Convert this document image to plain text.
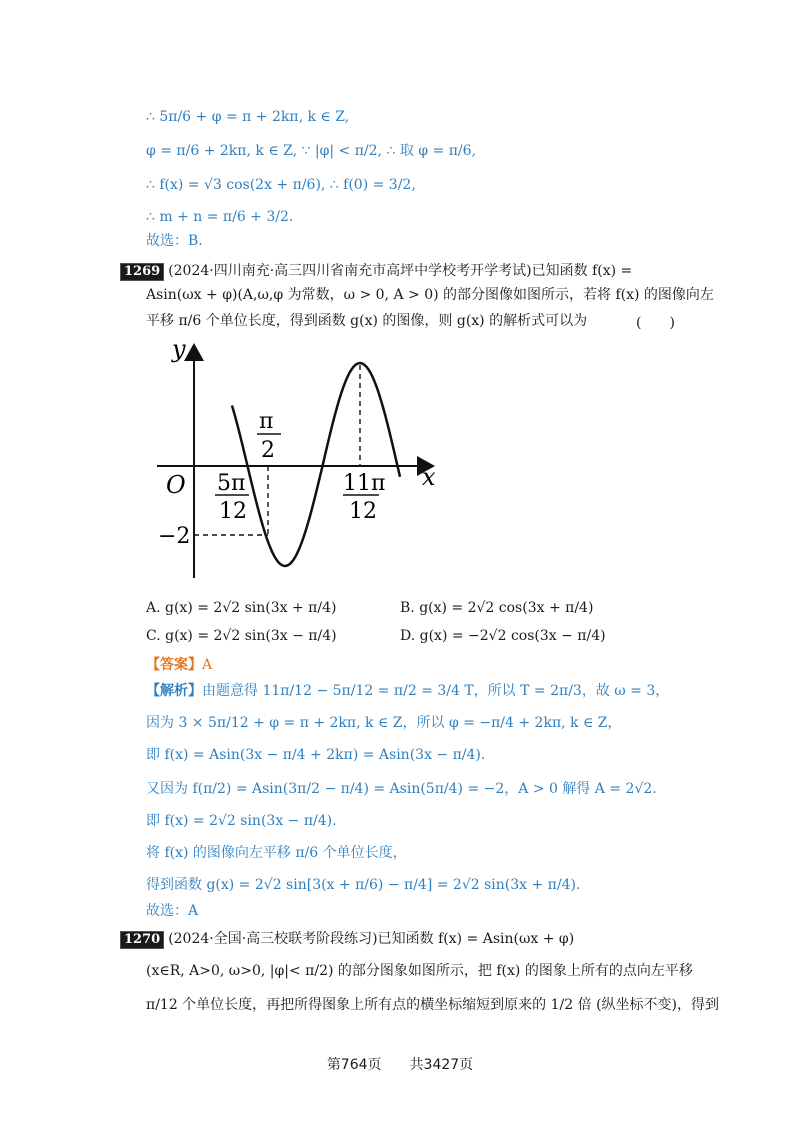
∴ 5π/6 + φ = π + 2kπ, k ∈ Z,
φ = π/6 + 2kπ, k ∈ Z, ∵ |φ| < π/2, ∴ 取 φ = π/6,
∴ f(x) = √3 cos(2x + π/6), ∴ f(0) = 3/2,
∴ m + n = π/6 + 3/2.
故选：B.
1269 (2024·四川南充·高三四川省南充市高坪中学校考开学考试)已知函数 f(x) =
Asin(ωx + φ)(A,ω,φ 为常数，ω > 0, A > 0) 的部分图像如图所示，若将 f(x) 的图像向左
平移 π/6 个单位长度，得到函数 g(x) 的图像，则 g(x) 的解析式可以为	(　　)
y
x
O
π
2
5π
12
11π
12
−2
A. g(x) = 2√2 sin(3x + π/4)	B. g(x) = 2√2 cos(3x + π/4)
C. g(x) = 2√2 sin(3x − π/4)	D. g(x) = −2√2 cos(3x − π/4)
【答案】A
【解析】由题意得 11π/12 − 5π/12 = π/2 = 3/4 T，所以 T = 2π/3，故 ω = 3，
因为 3 × 5π/12 + φ = π + 2kπ, k ∈ Z，所以 φ = −π/4 + 2kπ, k ∈ Z，
即 f(x) = Asin(3x − π/4 + 2kπ) = Asin(3x − π/4).
又因为 f(π/2) = Asin(3π/2 − π/4) = Asin(5π/4) = −2，A > 0 解得 A = 2√2.
即 f(x) = 2√2 sin(3x − π/4).
将 f(x) 的图像向左平移 π/6 个单位长度，
得到函数 g(x) = 2√2 sin[3(x + π/6) − π/4] = 2√2 sin(3x + π/4).
故选：A
1270 (2024·全国·高三校联考阶段练习)已知函数 f(x) = Asin(ωx + φ)
(x∈R, A>0, ω>0, |φ|< π/2) 的部分图象如图所示，把 f(x) 的图象上所有的点向左平移
π/12 个单位长度，再把所得图象上所有点的横坐标缩短到原来的 1/2 倍 (纵坐标不变)，得到
第764页　　共3427页
